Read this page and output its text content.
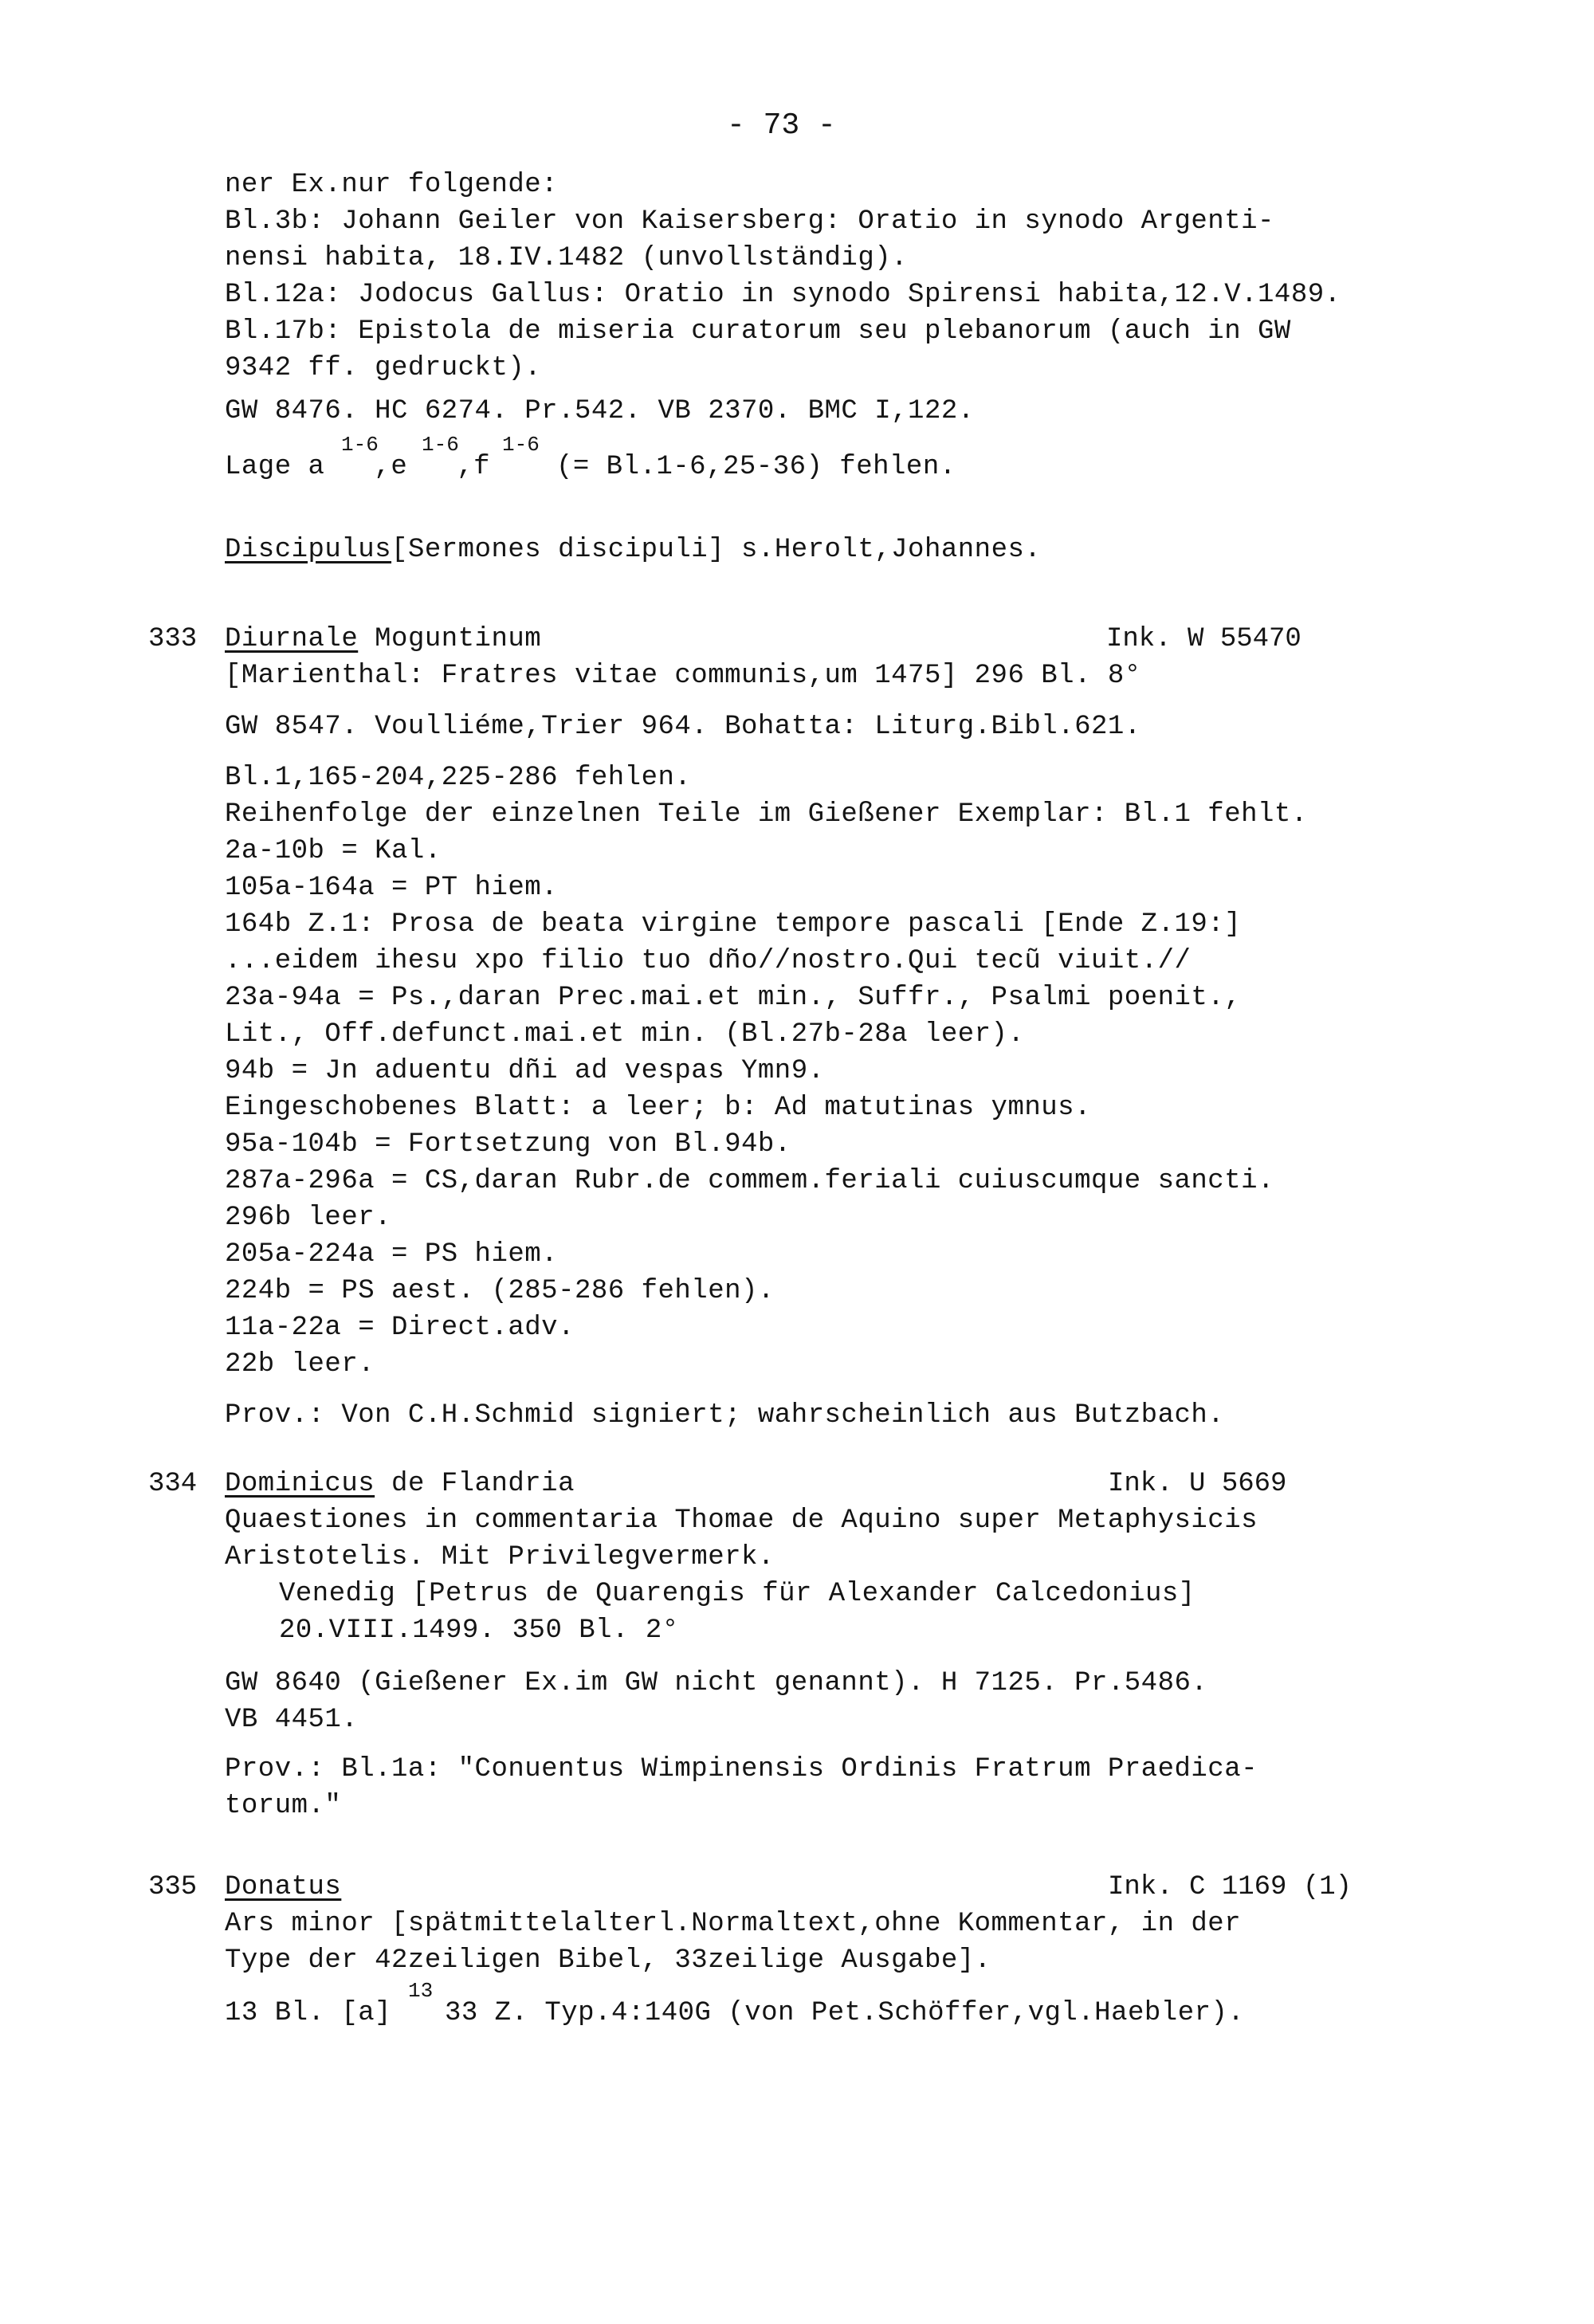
- 73 -
ner Ex.nur folgende:
Bl.3b: Johann Geiler von Kaisersberg: Oratio in synodo Argenti-
nensi habita, 18.IV.1482 (unvollständig).
Bl.12a: Jodocus Gallus: Oratio in synodo Spirensi habita,12.V.1489.
Bl.17b: Epistola de miseria curatorum seu plebanorum (auch in GW
9342 ff. gedruckt).
GW 8476. HC 6274. Pr.542. VB 2370. BMC I,122.
Lage a ,e ,f (= Bl.1-6,25-36) fehlen.
1-6 1-6 1-6
Discipulus[Sermones discipuli] s.Herolt,Johannes.
333 Diurnale Moguntinum	Ink. W 55470
[Marienthal: Fratres vitae communis,um 1475] 296 Bl. 8°
GW 8547. Voulliéme,Trier 964. Bohatta: Liturg.Bibl.621.
Bl.1,165-204,225-286 fehlen.
Reihenfolge der einzelnen Teile im Gießener Exemplar: Bl.1 fehlt.
2a-10b = Kal.
105a-164a = PT hiem.
164b Z.1: Prosa de beata virgine tempore pascali [Ende Z.19:]
...eidem ihesu xpo filio tuo dño//nostro.Qui tecũ viuit.//
23a-94a = Ps.,daran Prec.mai.et min., Suffr., Psalmi poenit.,
Lit., Off.defunct.mai.et min. (Bl.27b-28a leer).
94b = Jn aduentu dñi ad vespas Ymn9.
Eingeschobenes Blatt: a leer; b: Ad matutinas ymnus.
95a-104b = Fortsetzung von Bl.94b.
287a-296a = CS,daran Rubr.de commem.feriali cuiuscumque sancti.
296b leer.
205a-224a = PS hiem.
224b = PS aest. (285-286 fehlen).
11a-22a = Direct.adv.
22b leer.
Prov.: Von C.H.Schmid signiert; wahrscheinlich aus Butzbach.
334 Dominicus de Flandria	Ink. U 5669
Quaestiones in commentaria Thomae de Aquino super Metaphysicis
Aristotelis. Mit Privilegvermerk.
Venedig [Petrus de Quarengis für Alexander Calcedonius]
20.VIII.1499. 350 Bl. 2°
GW 8640 (Gießener Ex.im GW nicht genannt). H 7125. Pr.5486.
VB 4451.
Prov.: Bl.1a: "Conuentus Wimpinensis Ordinis Fratrum Praedica-
torum."
335 Donatus	Ink. C 1169 (1)
Ars minor [spätmittelalterl.Normaltext,ohne Kommentar, in der
Type der 42zeiligen Bibel, 33zeilige Ausgabe].
13 Bl. [a] 33 Z. Typ.4:140G (von Pet.Schöffer,vgl.Haebler).
13
